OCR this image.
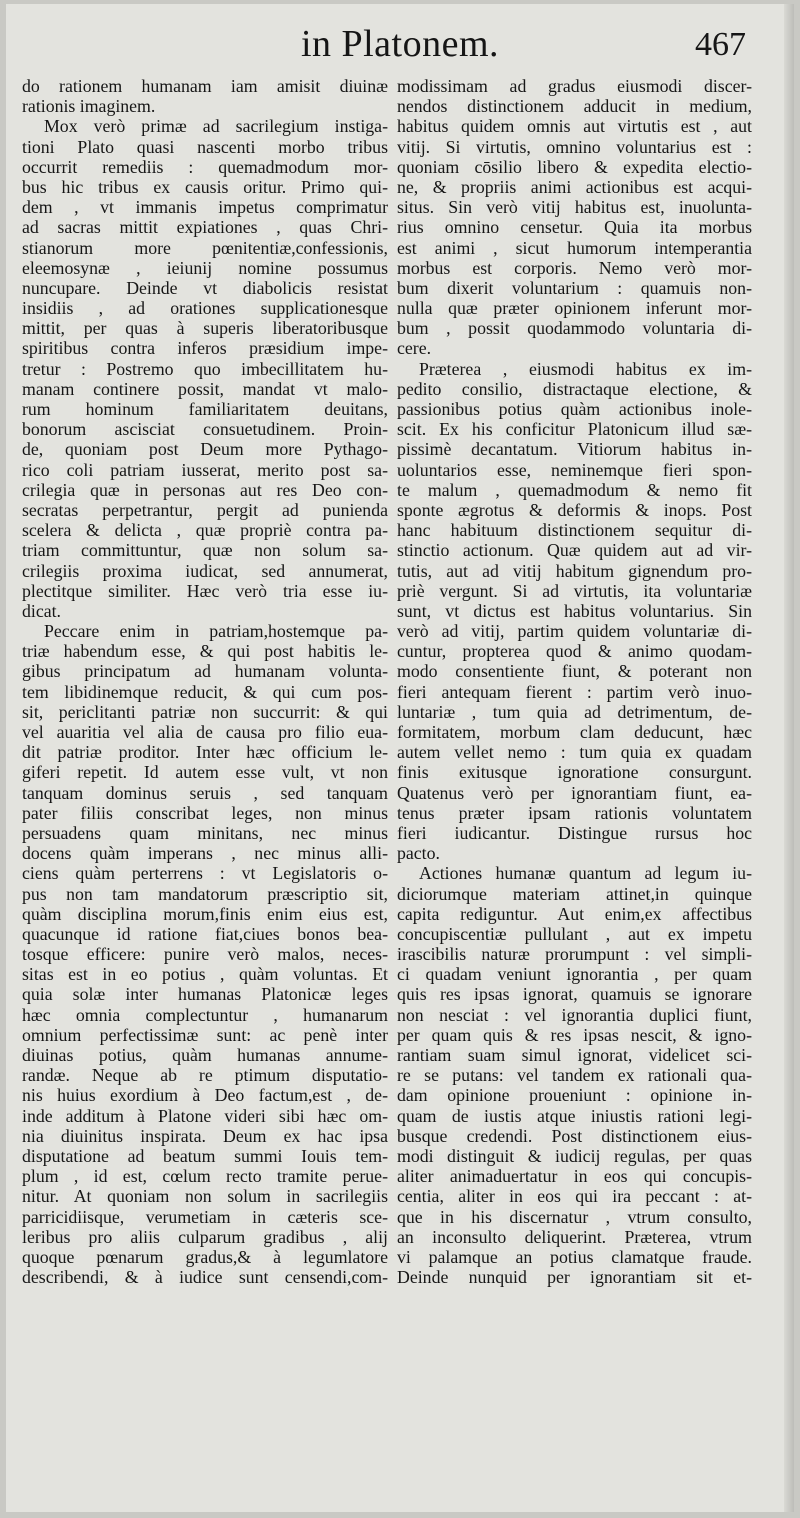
in Platonem.	467
do rationem humanam iam amisit diuinæ
rationis imaginem.
Mox verò primæ ad sacrilegium instiga-
tioni Plato quasi nascenti morbo tribus
occurrit remediis : quemadmodum mor-
bus hic tribus ex causis oritur. Primo qui-
dem , vt immanis impetus comprimatur
ad sacras mittit expiationes , quas Chri-
stianorum more pœnitentiæ,confessionis,
eleemosynæ , ieiunij nomine possumus
nuncupare. Deinde vt diabolicis resistat
insidiis , ad orationes supplicationesque
mittit, per quas à superis liberatoribusque
spiritibus contra inferos præsidium impe-
tretur : Postremo quo imbecillitatem hu-
manam continere possit, mandat vt malo-
rum hominum familiaritatem deuitans,
bonorum ascisciat consuetudinem. Proin-
de, quoniam post Deum more Pythago-
rico coli patriam iusserat, merito post sa-
crilegia quæ in personas aut res Deo con-
secratas perpetrantur, pergit ad punienda
scelera & delicta , quæ propriè contra pa-
triam committuntur, quæ non solum sa-
crilegiis proxima iudicat, sed annumerat,
plectitque similiter. Hæc verò tria esse iu-
dicat.
Peccare enim in patriam,hostemque pa-
triæ habendum esse, & qui post habitis le-
gibus principatum ad humanam volunta-
tem libidinemque reducit, & qui cum pos-
sit, periclitanti patriæ non succurrit: & qui
vel auaritia vel alia de causa pro filio eua-
dit patriæ proditor. Inter hæc officium le-
giferi repetit. Id autem esse vult, vt non
tanquam dominus seruis , sed tanquam
pater filiis conscribat leges, non minus
persuadens quam minitans, nec minus
docens quàm imperans , nec minus alli-
ciens quàm perterrens : vt Legislatoris o-
pus non tam mandatorum præscriptio sit,
quàm disciplina morum,finis enim eius est,
quacunque id ratione fiat,ciues bonos bea-
tosque efficere: punire verò malos, neces-
sitas est in eo potius , quàm voluntas. Et
quia solæ inter humanas Platonicæ leges
hæc omnia complectuntur , humanarum
omnium perfectissimæ sunt: ac penè inter
diuinas potius, quàm humanas annume-
randæ. Neque ab re ptimum disputatio-
nis huius exordium à Deo factum,est , de-
inde additum à Platone videri sibi hæc om-
nia diuinitus inspirata. Deum ex hac ipsa
disputatione ad beatum summi Iouis tem-
plum , id est, cœlum recto tramite perue-
nitur. At quoniam non solum in sacrilegiis
parricidiisque, verumetiam in cæteris sce-
leribus pro aliis culparum gradibus , alij
quoque pœnarum gradus,& à legumlatore
describendi, & à iudice sunt censendi,com-
modissimam ad gradus eiusmodi discer-
nendos distinctionem adducit in medium,
habitus quidem omnis aut virtutis est , aut
vitij. Si virtutis, omnino voluntarius est :
quoniam cōsilio libero & expedita electio-
ne, & propriis animi actionibus est acqui-
situs. Sin verò vitij habitus est, inuolunta-
rius omnino censetur. Quia ita morbus
est animi , sicut humorum intemperantia
morbus est corporis. Nemo verò mor-
bum dixerit voluntarium : quamuis non-
nulla quæ præter opinionem inferunt mor-
bum , possit quodammodo voluntaria di-
cere.
Præterea , eiusmodi habitus ex im-
pedito consilio, distractaque electione, &
passionibus potius quàm actionibus inole-
scit. Ex his conficitur Platonicum illud sæ-
pissimè decantatum. Vitiorum habitus in-
uoluntarios esse, neminemque fieri spon-
te malum , quemadmodum & nemo fit
sponte ægrotus & deformis & inops. Post
hanc habituum distinctionem sequitur di-
stinctio actionum. Quæ quidem aut ad vir-
tutis, aut ad vitij habitum gignendum pro-
priè vergunt. Si ad virtutis, ita voluntariæ
sunt, vt dictus est habitus voluntarius. Sin
verò ad vitij, partim quidem voluntariæ di-
cuntur, propterea quod & animo quodam-
modo consentiente fiunt, & poterant non
fieri antequam fierent : partim verò inuo-
luntariæ , tum quia ad detrimentum, de-
formitatem, morbum clam deducunt, hæc
autem vellet nemo : tum quia ex quadam
finis exitusque ignoratione consurgunt.
Quatenus verò per ignorantiam fiunt, ea-
tenus præter ipsam rationis voluntatem
fieri iudicantur. Distingue rursus hoc
pacto.
Actiones humanæ quantum ad legum iu-
diciorumque materiam attinet,in quinque
capita rediguntur. Aut enim,ex affectibus
concupiscentiæ pullulant , aut ex impetu
irascibilis naturæ prorumpunt : vel simpli-
ci quadam veniunt ignorantia , per quam
quis res ipsas ignorat, quamuis se ignorare
non nesciat : vel ignorantia duplici fiunt,
per quam quis & res ipsas nescit, & igno-
rantiam suam simul ignorat, videlicet sci-
re se putans: vel tandem ex rationali qua-
dam opinione proueniunt : opinione in-
quam de iustis atque iniustis rationi legi-
busque credendi. Post distinctionem eius-
modi distinguit & iudicij regulas, per quas
aliter animaduertatur in eos qui concupis-
centia, aliter in eos qui ira peccant : at-
que in his discernatur , vtrum consulto,
an inconsulto deliquerint. Præterea, vtrum
vi palamque an potius clamatque fraude.
Deinde nunquid per ignorantiam sit et-
